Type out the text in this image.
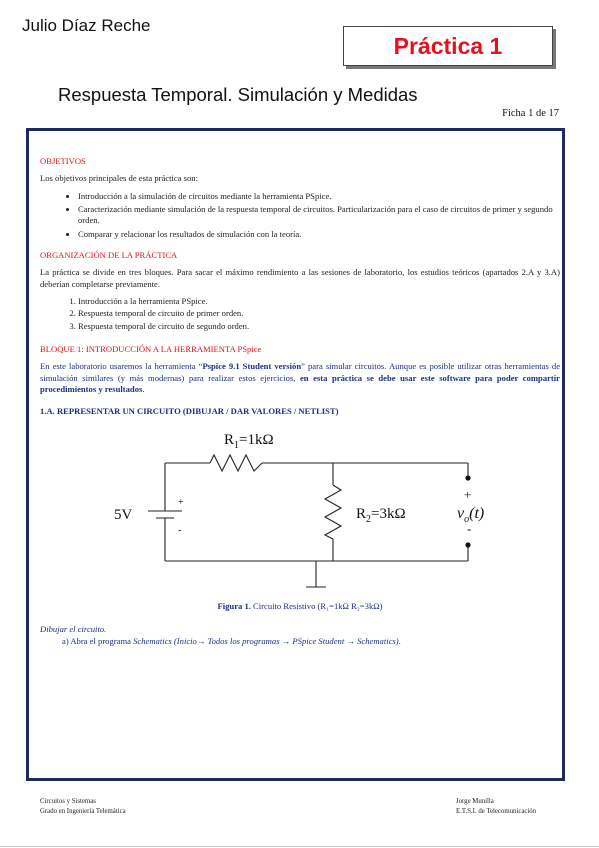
Julio Díaz Reche
Práctica 1
Respuesta Temporal. Simulación y Medidas
Ficha 1 de 17
OBJETIVOS

Los objetivos principales de esta práctica son:

• Introducción a la simulación de circuitos mediante la herramienta PSpice.
• Caracterización mediante simulación de la respuesta temporal de circuitos. Particularización para el caso de circuitos de primer y segundo orden.
• Comparar y relacionar los resultados de simulación con la teoría.
ORGANIZACIÓN DE LA PRÁCTICA

La práctica se divide en tres bloques. Para sacar el máximo rendimiento a las sesiones de laboratorio, los estudios teóricos (apartados 2.A y 3.A) deberían completarse previamente.

1. Introducción a la herramienta PSpice.
2. Respuesta temporal de circuito de primer orden.
3. Respuesta temporal de circuito de segundo orden.
BLOQUE 1: INTRODUCCIÓN A LA HERRAMIENTA PSpice

En este laboratorio usaremos la herramienta “Pspice 9.1 Student versión” para simular circuitos. Aunque es posible utilizar otras herramientas de simulación similares (y más modernas) para realizar estos ejercicios, en esta práctica se debe usar este software para poder compartir procedimientos y resultados.

1.A. REPRESENTAR UN CIRCUITO (DIBUJAR / DAR VALORES / NETLIST)
$R_1=1k\Omega$
$R_2=3k\Omega$
5V
+
-
+
-
$v_o(t)$
Figura 1. Circuito Resistivo (R₁=1kΩ R₂=3kΩ)
Dibujar el circuito.
a) Abra el programa Schematics (Inicio→ Todos los programas → PSpice Student → Schematics).
Circuitos y Sistemas
Grado en Ingeniería Telemática
Jorge Munilla
E.T.S.I. de Telecomunicación
